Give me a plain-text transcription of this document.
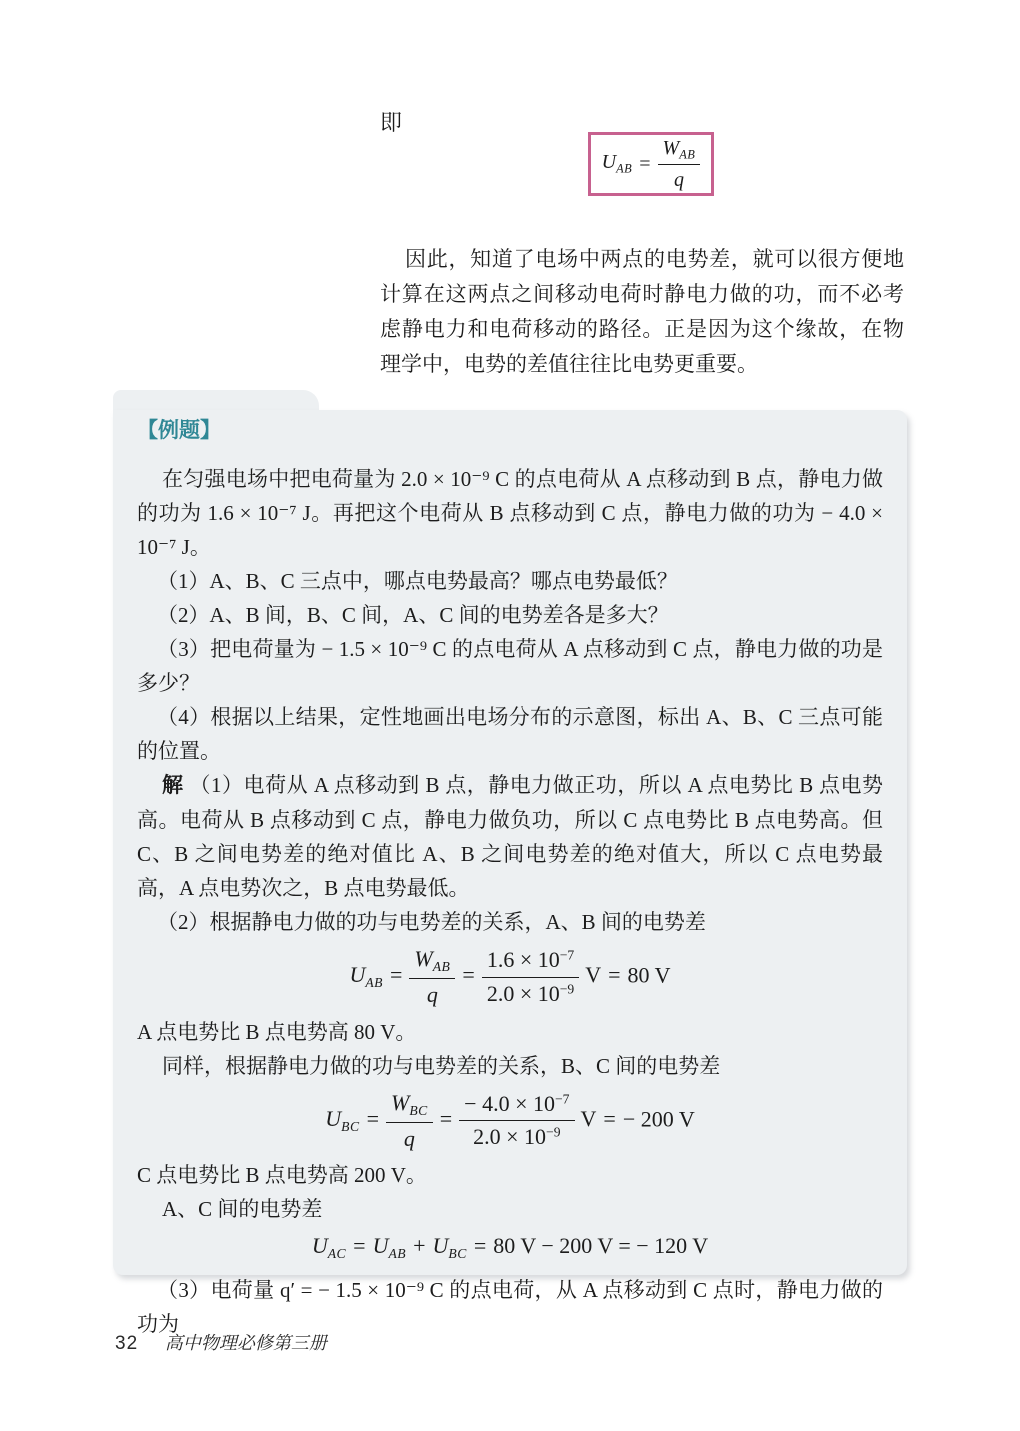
即
$U_{AB} = \frac{W_{AB}}{q}$

因此，知道了电场中两点的电势差，就可以很方便地计算在这两点之间移动电荷时静电力做的功，而不必考虑静电力和电荷移动的路径。正是因为这个缘故，在物理学中，电势的差值往往比电势更重要。

【例题】

在匀强电场中把电荷量为 2.0 × 10⁻⁹ C 的点电荷从 A 点移动到 B 点，静电力做的功为 1.6 × 10⁻⁷ J。再把这个电荷从 B 点移动到 C 点，静电力做的功为 − 4.0 × 10⁻⁷ J。

（1）A、B、C 三点中，哪点电势最高？哪点电势最低？

（2）A、B 间，B、C 间，A、C 间的电势差各是多大？

（3）把电荷量为 − 1.5 × 10⁻⁹ C 的点电荷从 A 点移动到 C 点，静电力做的功是多少？

（4）根据以上结果，定性地画出电场分布的示意图，标出 A、B、C 三点可能的位置。

解 （1）电荷从 A 点移动到 B 点，静电力做正功，所以 A 点电势比 B 点电势高。电荷从 B 点移动到 C 点，静电力做负功，所以 C 点电势比 B 点电势高。但 C、B 之间电势差的绝对值比 A、B 之间电势差的绝对值大，所以 C 点电势最高，A 点电势次之，B 点电势最低。

（2）根据静电力做的功与电势差的关系，A、B 间的电势差

$U_{AB} = \frac{W_{AB}}{q} = \frac{1.6 \times 10^{-7}}{2.0 \times 10^{-9}}$ V = 80 V

A 点电势比 B 点电势高 80 V。

同样，根据静电力做的功与电势差的关系，B、C 间的电势差

$U_{BC} = \frac{W_{BC}}{q} = \frac{- 4.0 \times 10^{-7}}{2.0 \times 10^{-9}}$ V = − 200 V

C 点电势比 B 点电势高 200 V。

A、C 间的电势差

$U_{AC} = U_{AB} + U_{BC} = 80$ V − 200 V = − 120 V

（3）电荷量 q′ = − 1.5 × 10⁻⁹ C 的点电荷，从 A 点移动到 C 点时，静电力做的功为

32 高中物理必修第三册
